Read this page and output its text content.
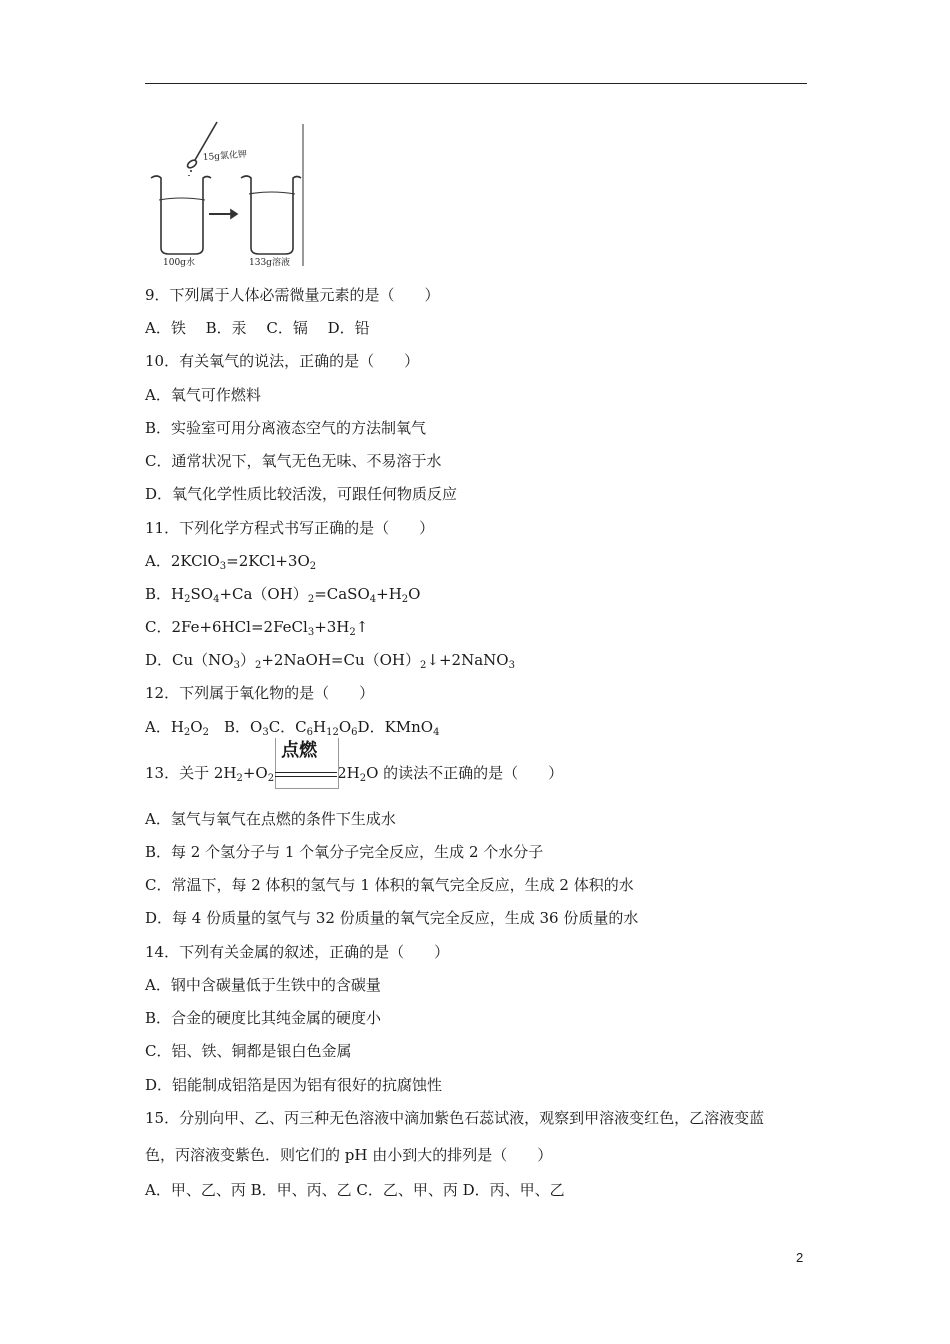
15g氯化钾
100g水	133g溶液
9．下列属于人体必需微量元素的是（　　）
A．铁　 B．汞　 C．镉　 D．铅
10．有关氧气的说法，正确的是（　　）
A．氧气可作燃料
B．实验室可用分离液态空气的方法制氧气
C．通常状况下，氧气无色无味、不易溶于水
D．氧气化学性质比较活泼，可跟任何物质反应
11．下列化学方程式书写正确的是（　　）
A．$2KClO_3=2KCl+3O_2$
B．$H_2SO_4+Ca(OH)_2=CaSO_4+H_2O$
C．$2Fe+6HCl=2FeCl_3+3H_2↑$
D．$Cu(NO_3)_2+2NaOH=Cu(OH)_2↓+2NaNO_3$
12．下列属于氧化物的是（　　）
A．$H_2O_2$　B．$O_3C$．$C_6H_{12}O_6D$．KMnO$_4$
13．关于 $2H_2+O_2$
点燃
$2H_2O$ 的读法不正确的是（　　）
A．氢气与氧气在点燃的条件下生成水
B．每 2 个氢分子与 1 个氧分子完全反应，生成 2 个水分子
C．常温下，每 2 体积的氢气与 1 体积的氧气完全反应，生成 2 体积的水
D．每 4 份质量的氢气与 32 份质量的氧气完全反应，生成 36 份质量的水
14．下列有关金属的叙述，正确的是（　　）
A．钢中含碳量低于生铁中的含碳量
B．合金的硬度比其纯金属的硬度小
C．铝、铁、铜都是银白色金属
D．铝能制成铝箔是因为铝有很好的抗腐蚀性
15．分别向甲、乙、丙三种无色溶液中滴加紫色石蕊试液，观察到甲溶液变红色，乙溶液变蓝
色，丙溶液变紫色．则它们的 pH 由小到大的排列是（　　）
A．甲、乙、丙 B．甲、丙、乙 C．乙、甲、丙 D．丙、甲、乙
2
